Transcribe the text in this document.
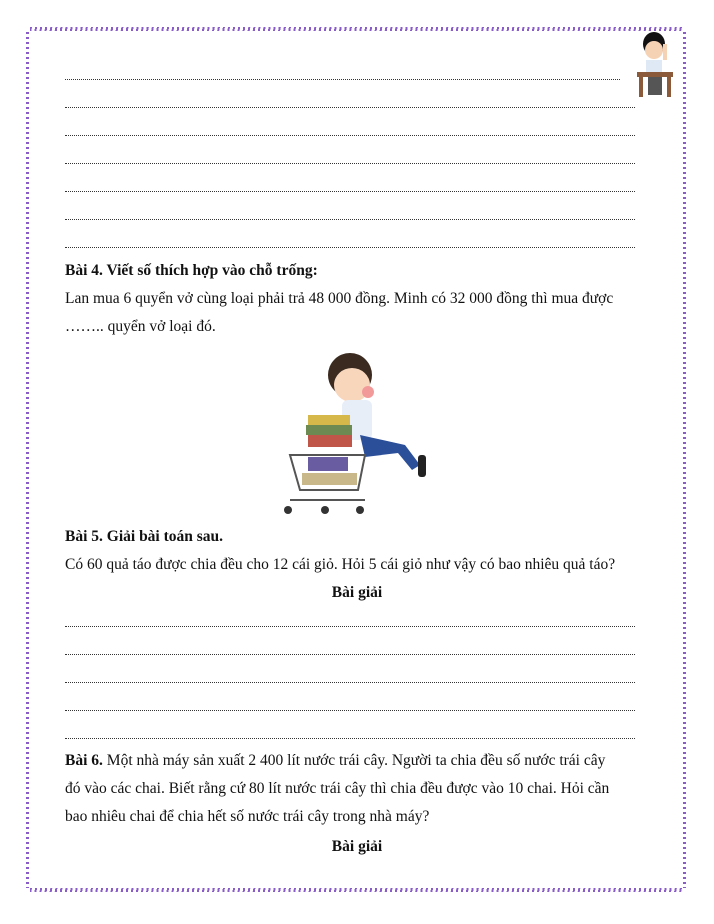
Bài 4. Viết số thích hợp vào chỗ trống:
Lan mua 6 quyển vở cùng loại phải trả 48 000 đồng. Minh có 32 000 đồng thì mua được
…….. quyển vở loại đó.
Bài 5. Giải bài toán sau.
Có 60 quả táo được chia đều cho 12 cái giỏ. Hỏi 5 cái giỏ như vậy có bao nhiêu quả táo?
Bài giải
Bài 6. Một nhà máy sản xuất 2 400 lít nước trái cây. Người ta chia đều số nước trái cây
đó vào các chai. Biết rằng cứ 80 lít nước trái cây thì chia đều được vào 10 chai. Hỏi cần
bao nhiêu chai để chia hết số nước trái cây trong nhà máy?
Bài giải
